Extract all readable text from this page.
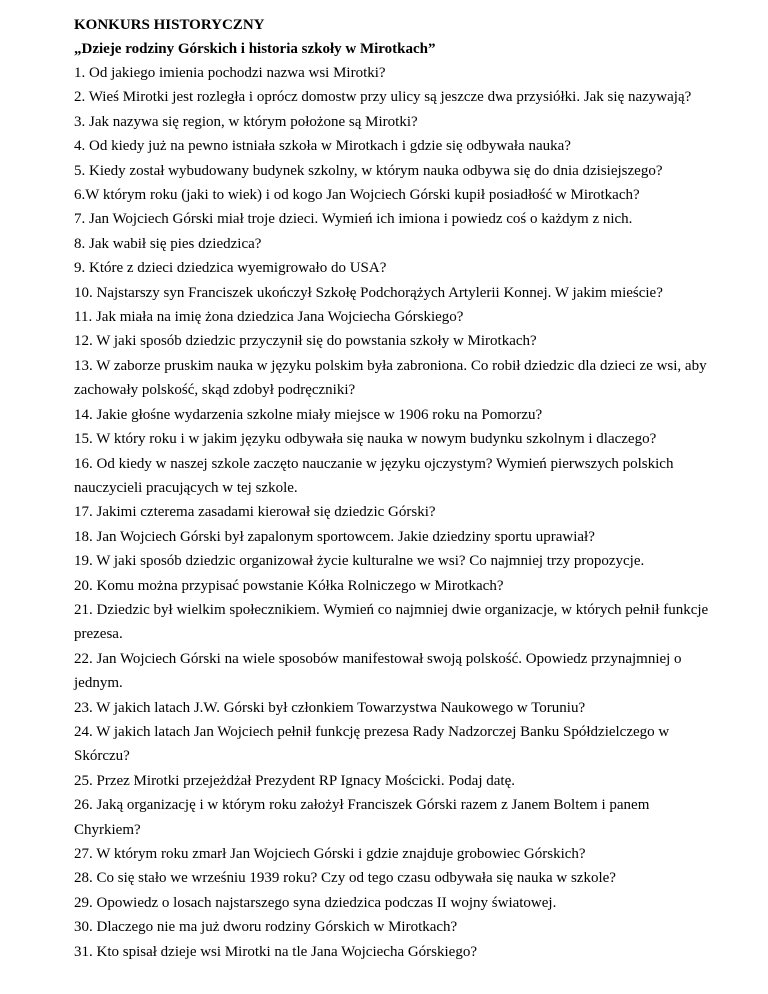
KONKURS HISTORYCZNY

„Dzieje rodziny Górskich i historia szkoły w Mirotkach”

1. Od jakiego imienia pochodzi nazwa wsi Mirotki?

2. Wieś Mirotki jest rozległa i oprócz domostw przy ulicy są jeszcze dwa przysiółki. Jak się nazywają?

3. Jak nazywa się region, w którym położone są Mirotki?

4. Od kiedy już na pewno istniała szkoła w Mirotkach i gdzie się odbywała nauka?

5. Kiedy został wybudowany budynek szkolny, w którym nauka odbywa się do dnia dzisiejszego?

6.W którym roku (jaki to wiek) i od kogo Jan Wojciech Górski kupił posiadłość w Mirotkach?

7. Jan Wojciech Górski miał troje dzieci. Wymień ich imiona i powiedz coś o każdym z nich.

8. Jak wabił się pies dziedzica?

9. Które z dzieci dziedzica wyemigrowało do USA?

10. Najstarszy syn Franciszek ukończył Szkołę Podchorążych Artylerii Konnej. W jakim mieście?

11. Jak miała na imię żona dziedzica Jana Wojciecha Górskiego?

12. W jaki sposób dziedzic przyczynił się do powstania szkoły w Mirotkach?

13. W zaborze pruskim nauka w języku polskim była zabroniona. Co robił dziedzic dla dzieci ze wsi, aby

zachowały polskość, skąd zdobył podręczniki?

14. Jakie głośne wydarzenia szkolne miały miejsce w 1906 roku na Pomorzu?

15. W który roku i w jakim języku odbywała się nauka w nowym budynku szkolnym i dlaczego?

16. Od kiedy w naszej szkole zaczęto nauczanie w języku ojczystym? Wymień pierwszych polskich

nauczycieli pracujących w tej szkole.

17. Jakimi czterema zasadami kierował się dziedzic Górski?

18. Jan Wojciech Górski był zapalonym sportowcem. Jakie dziedziny sportu uprawiał?

19. W jaki sposób dziedzic organizował życie kulturalne we wsi? Co najmniej trzy propozycje.

20. Komu można przypisać powstanie Kółka Rolniczego w Mirotkach?

21. Dziedzic był wielkim społecznikiem. Wymień co najmniej dwie organizacje, w których pełnił funkcje

prezesa.

22. Jan Wojciech Górski na wiele sposobów manifestował swoją polskość. Opowiedz przynajmniej o

jednym.

23. W jakich latach J.W. Górski był członkiem Towarzystwa Naukowego w Toruniu?

24. W jakich latach Jan Wojciech pełnił funkcję prezesa Rady Nadzorczej Banku Spółdzielczego w

Skórczu?

25. Przez Mirotki przejeżdżał Prezydent RP Ignacy Mościcki. Podaj datę.

26. Jaką organizację i w którym roku założył Franciszek Górski razem z Janem Boltem i panem

Chyrkiem?

27. W którym roku zmarł Jan Wojciech Górski i gdzie znajduje grobowiec Górskich?

28. Co się stało we wrześniu 1939 roku? Czy od tego czasu odbywała się nauka w szkole?

29. Opowiedz o losach najstarszego syna dziedzica podczas II wojny światowej.

30. Dlaczego nie ma już dworu rodziny Górskich w Mirotkach?

31. Kto spisał dzieje wsi Mirotki na tle Jana Wojciecha Górskiego?
